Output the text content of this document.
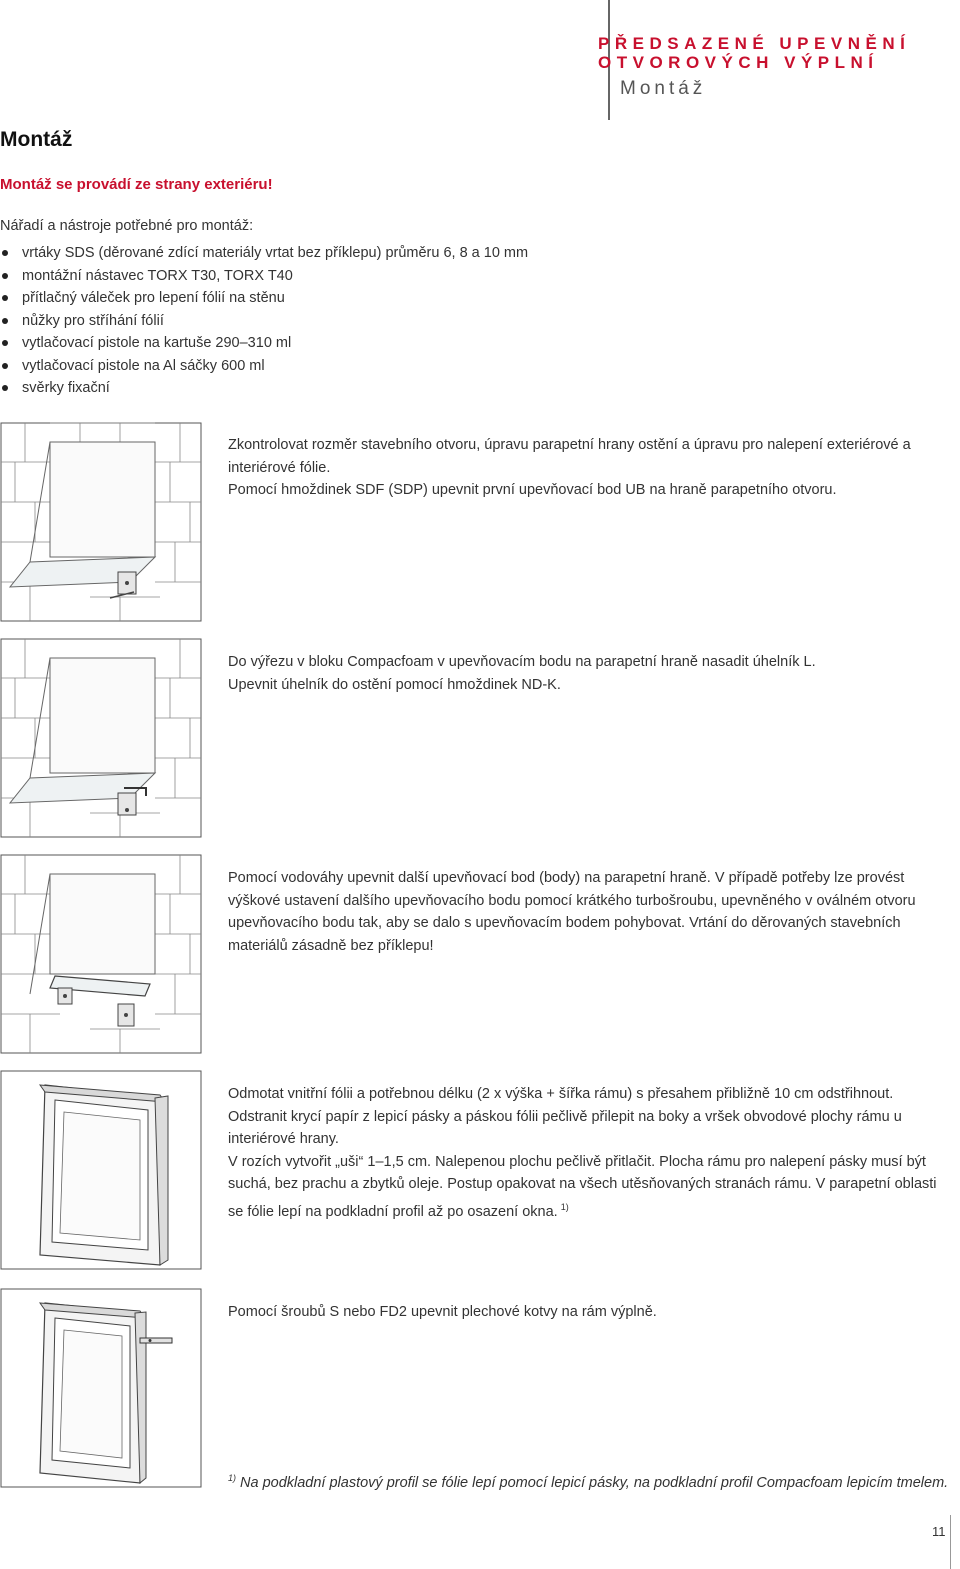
PŘEDSAZENÉ UPEVNĚNÍ
OTVOROVÝCH VÝPLNÍ
Montáž
Montáž
Montáž se provádí ze strany exteriéru!
Nářadí a nástroje potřebné pro montáž:
vrtáky SDS (děrované zdící materiály vrtat bez příklepu) průměru 6, 8 a 10 mm
montážní nástavec TORX T30, TORX T40
přítlačný váleček pro lepení fólií na stěnu
nůžky pro stříhání fólií
vytlačovací pistole na kartuše 290–310 ml
vytlačovací pistole na Al sáčky 600 ml
svěrky fixační

Zkontrolovat rozměr stavebního otvoru, úpravu parapetní hrany ostění a úpravu pro nalepení exteriérové a interiérové fólie.

Pomocí hmoždinek SDF (SDP) upevnit první upevňovací bod UB na hraně parapetního otvoru.

Do výřezu v bloku Compacfoam v upevňovacím bodu na parapetní hraně nasadit úhelník L.

Upevnit úhelník do ostění pomocí hmoždinek ND-K.

Pomocí vodováhy upevnit další upevňovací bod (body) na parapetní hraně. V případě potřeby lze provést výškové ustavení dalšího upevňovacího bodu pomocí krátkého turbošroubu, upevněného v oválném otvoru upevňovacího bodu tak, aby se dalo s upevňovacím bodem pohybovat. Vrtání do děrovaných stavebních materiálů zásadně bez příklepu!

Odmotat vnitřní fólii a potřebnou délku (2 x výška + šířka rámu) s přesahem přibližně 10 cm odstřihnout. Odstranit krycí papír z lepicí pásky a páskou fólii pečlivě přilepit na boky a vršek obvodové plochy rámu u interiérové hrany.

V rozích vytvořit „uši“ 1–1,5 cm. Nalepenou plochu pečlivě přitlačit. Plocha rámu pro nalepení pásky musí být suchá, bez prachu a zbytků oleje. Postup opakovat na všech utěsňovaných stranách rámu. V parapetní oblasti se fólie lepí na podkladní profil až po osazení okna. $^{1)}$

Pomocí šroubů S nebo FD2 upevnit plechové kotvy na rám výplně.

$^{1)}$ Na podkladní plastový profil se fólie lepí pomocí lepicí pásky, na podkladní profil Compacfoam lepicím tmelem.
11
